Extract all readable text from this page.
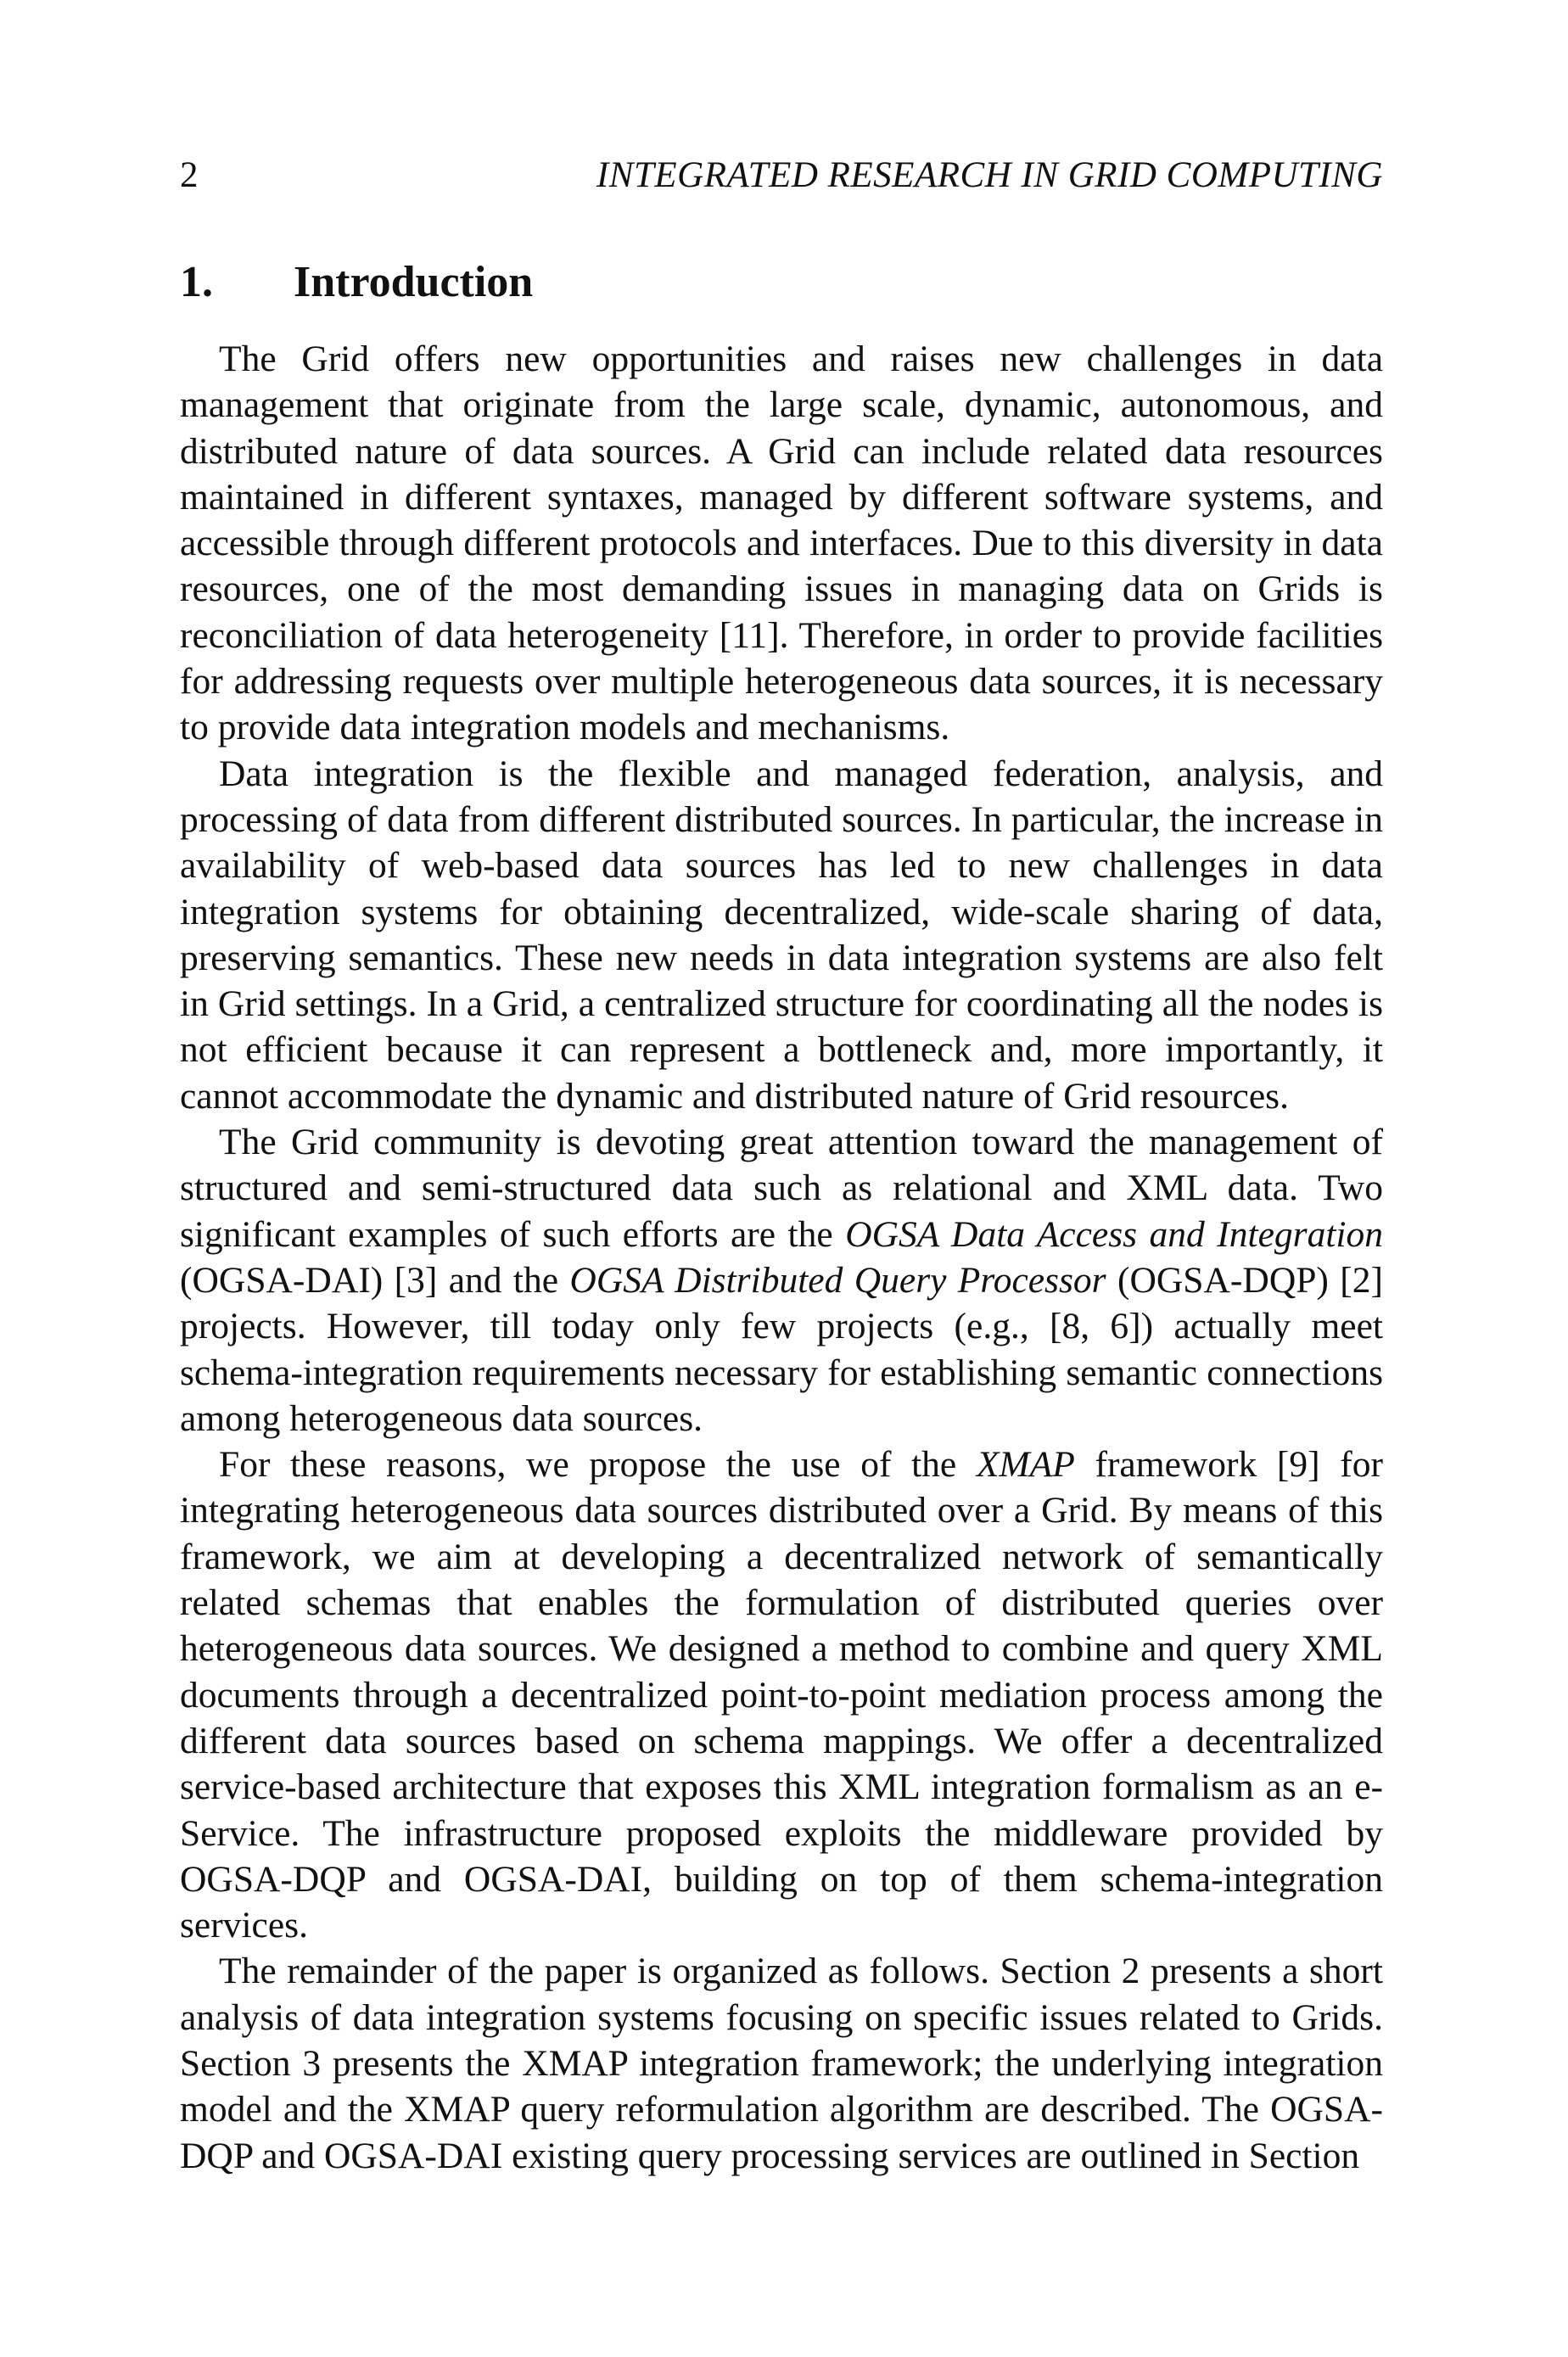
2	INTEGRATED RESEARCH IN GRID COMPUTING
1. Introduction

The Grid offers new opportunities and raises new challenges in data management that originate from the large scale, dynamic, autonomous, and distributed nature of data sources. A Grid can include related data resources maintained in different syntaxes, managed by different software systems, and accessible through different protocols and interfaces. Due to this diversity in data resources, one of the most demanding issues in managing data on Grids is reconciliation of data heterogeneity [11]. Therefore, in order to provide facilities for addressing requests over multiple heterogeneous data sources, it is necessary to provide data integration models and mechanisms.

Data integration is the flexible and managed federation, analysis, and processing of data from different distributed sources. In particular, the increase in availability of web-based data sources has led to new challenges in data integration systems for obtaining decentralized, wide-scale sharing of data, preserving semantics. These new needs in data integration systems are also felt in Grid settings. In a Grid, a centralized structure for coordinating all the nodes is not efficient because it can represent a bottleneck and, more importantly, it cannot accommodate the dynamic and distributed nature of Grid resources.

The Grid community is devoting great attention toward the management of structured and semi-structured data such as relational and XML data. Two significant examples of such efforts are the OGSA Data Access and Integration (OGSA-DAI) [3] and the OGSA Distributed Query Processor (OGSA-DQP) [2] projects. However, till today only few projects (e.g., [8, 6]) actually meet schema-integration requirements necessary for establishing semantic connections among heterogeneous data sources.

For these reasons, we propose the use of the XMAP framework [9] for integrating heterogeneous data sources distributed over a Grid. By means of this framework, we aim at developing a decentralized network of semantically related schemas that enables the formulation of distributed queries over heterogeneous data sources. We designed a method to combine and query XML documents through a decentralized point-to-point mediation process among the different data sources based on schema mappings. We offer a decentralized service-based architecture that exposes this XML integration formalism as an e-Service. The infrastructure proposed exploits the middleware provided by OGSA-DQP and OGSA-DAI, building on top of them schema-integration services.

The remainder of the paper is organized as follows. Section 2 presents a short analysis of data integration systems focusing on specific issues related to Grids. Section 3 presents the XMAP integration framework; the underlying integration model and the XMAP query reformulation algorithm are described. The OGSA-DQP and OGSA-DAI existing query processing services are outlined in Section
